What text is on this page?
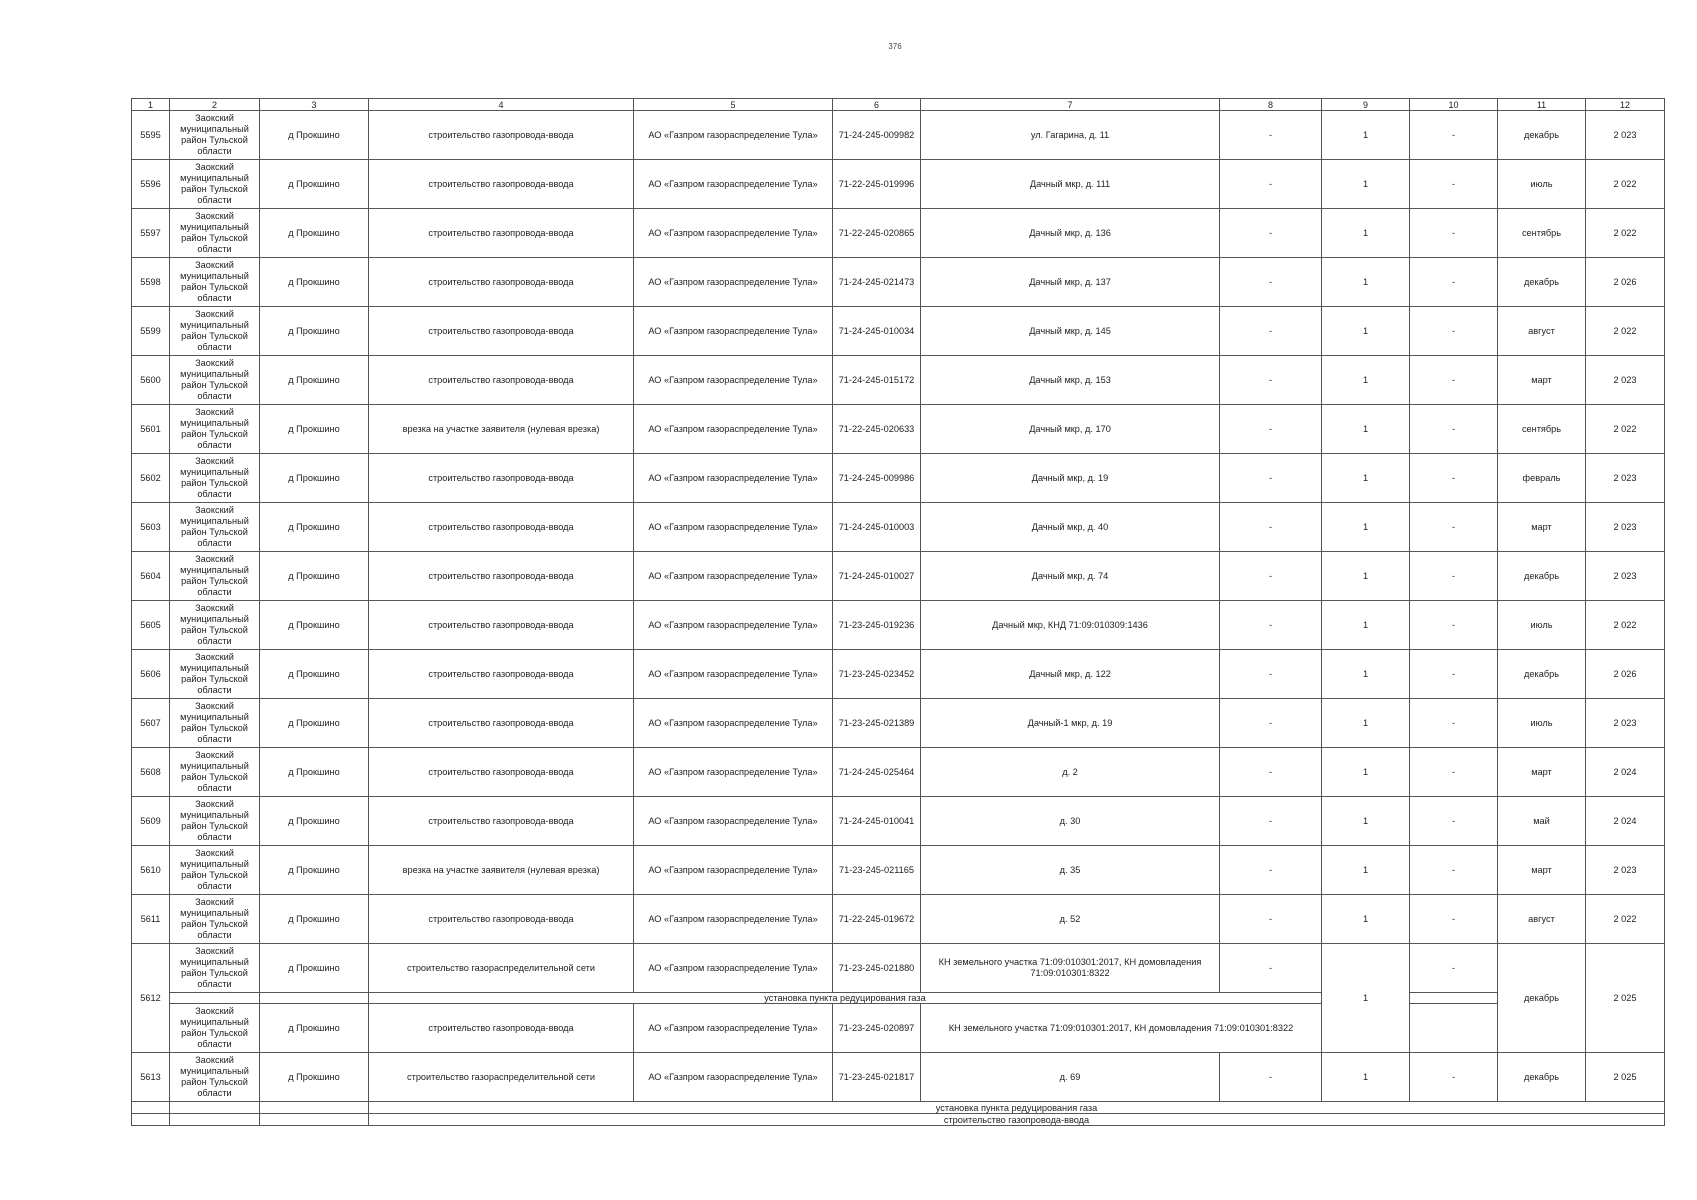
376
1	2	3	4	5	6	7	8	9	10	11	12
5595	Заокский муниципальный район Тульской области	д Прокшино	строительство газопровода-ввода	АО «Газпром газораспределение Тула»	71-24-245-009982	ул. Гагарина, д. 11	-	1	-	декабрь	2 023
5596	Заокский муниципальный район Тульской области	д Прокшино	строительство газопровода-ввода	АО «Газпром газораспределение Тула»	71-22-245-019996	Дачный мкр, д. 111	-	1	-	июль	2 022
5597	Заокский муниципальный район Тульской области	д Прокшино	строительство газопровода-ввода	АО «Газпром газораспределение Тула»	71-22-245-020865	Дачный мкр, д. 136	-	1	-	сентябрь	2 022
5598	Заокский муниципальный район Тульской области	д Прокшино	строительство газопровода-ввода	АО «Газпром газораспределение Тула»	71-24-245-021473	Дачный мкр, д. 137	-	1	-	декабрь	2 026
5599	Заокский муниципальный район Тульской области	д Прокшино	строительство газопровода-ввода	АО «Газпром газораспределение Тула»	71-24-245-010034	Дачный мкр, д. 145	-	1	-	август	2 022
5600	Заокский муниципальный район Тульской области	д Прокшино	строительство газопровода-ввода	АО «Газпром газораспределение Тула»	71-24-245-015172	Дачный мкр, д. 153	-	1	-	март	2 023
5601	Заокский муниципальный район Тульской области	д Прокшино	врезка на участке заявителя (нулевая врезка)	АО «Газпром газораспределение Тула»	71-22-245-020633	Дачный мкр, д. 170	-	1	-	сентябрь	2 022
5602	Заокский муниципальный район Тульской области	д Прокшино	строительство газопровода-ввода	АО «Газпром газораспределение Тула»	71-24-245-009986	Дачный мкр, д. 19	-	1	-	февраль	2 023
5603	Заокский муниципальный район Тульской области	д Прокшино	строительство газопровода-ввода	АО «Газпром газораспределение Тула»	71-24-245-010003	Дачный мкр, д. 40	-	1	-	март	2 023
5604	Заокский муниципальный район Тульской области	д Прокшино	строительство газопровода-ввода	АО «Газпром газораспределение Тула»	71-24-245-010027	Дачный мкр, д. 74	-	1	-	декабрь	2 023
5605	Заокский муниципальный район Тульской области	д Прокшино	строительство газопровода-ввода	АО «Газпром газораспределение Тула»	71-23-245-019236	Дачный мкр, КНД 71:09:010309:1436	-	1	-	июль	2 022
5606	Заокский муниципальный район Тульской области	д Прокшино	строительство газопровода-ввода	АО «Газпром газораспределение Тула»	71-23-245-023452	Дачный мкр, д. 122	-	1	-	декабрь	2 026
5607	Заокский муниципальный район Тульской области	д Прокшино	строительство газопровода-ввода	АО «Газпром газораспределение Тула»	71-23-245-021389	Дачный-1 мкр, д. 19	-	1	-	июль	2 023
5608	Заокский муниципальный район Тульской области	д Прокшино	строительство газопровода-ввода	АО «Газпром газораспределение Тула»	71-24-245-025464	д. 2	-	1	-	март	2 024
5609	Заокский муниципальный район Тульской области	д Прокшино	строительство газопровода-ввода	АО «Газпром газораспределение Тула»	71-24-245-010041	д. 30	-	1	-	май	2 024
5610	Заокский муниципальный район Тульской области	д Прокшино	врезка на участке заявителя (нулевая врезка)	АО «Газпром газораспределение Тула»	71-23-245-021165	д. 35	-	1	-	март	2 023
5611	Заокский муниципальный район Тульской области	д Прокшино	строительство газопровода-ввода	АО «Газпром газораспределение Тула»	71-22-245-019672	д. 52	-	1	-	август	2 022
5612	Заокский муниципальный район Тульской области	д Прокшино	строительство газораспределительной сети	АО «Газпром газораспределение Тула»	71-23-245-021880	КН земельного участка 71:09:010301:2017, КН домовладения 71:09:010301:8322	-	1	-	декабрь	2 025
			установка пункта редуцирования газа								
	Заокский муниципальный район Тульской области	д Прокшино	строительство газопровода-ввода	АО «Газпром газораспределение Тула»	71-23-245-020897	КН земельного участка 71:09:010301:2017, КН домовладения 71:09:010301:8322					
5613	Заокский муниципальный район Тульской области	д Прокшино	строительство газораспределительной сети	АО «Газпром газораспределение Тула»	71-23-245-021817	д. 69	-	1	-	декабрь	2 025
			установка пункта редуцирования газа								
			строительство газопровода-ввода								
